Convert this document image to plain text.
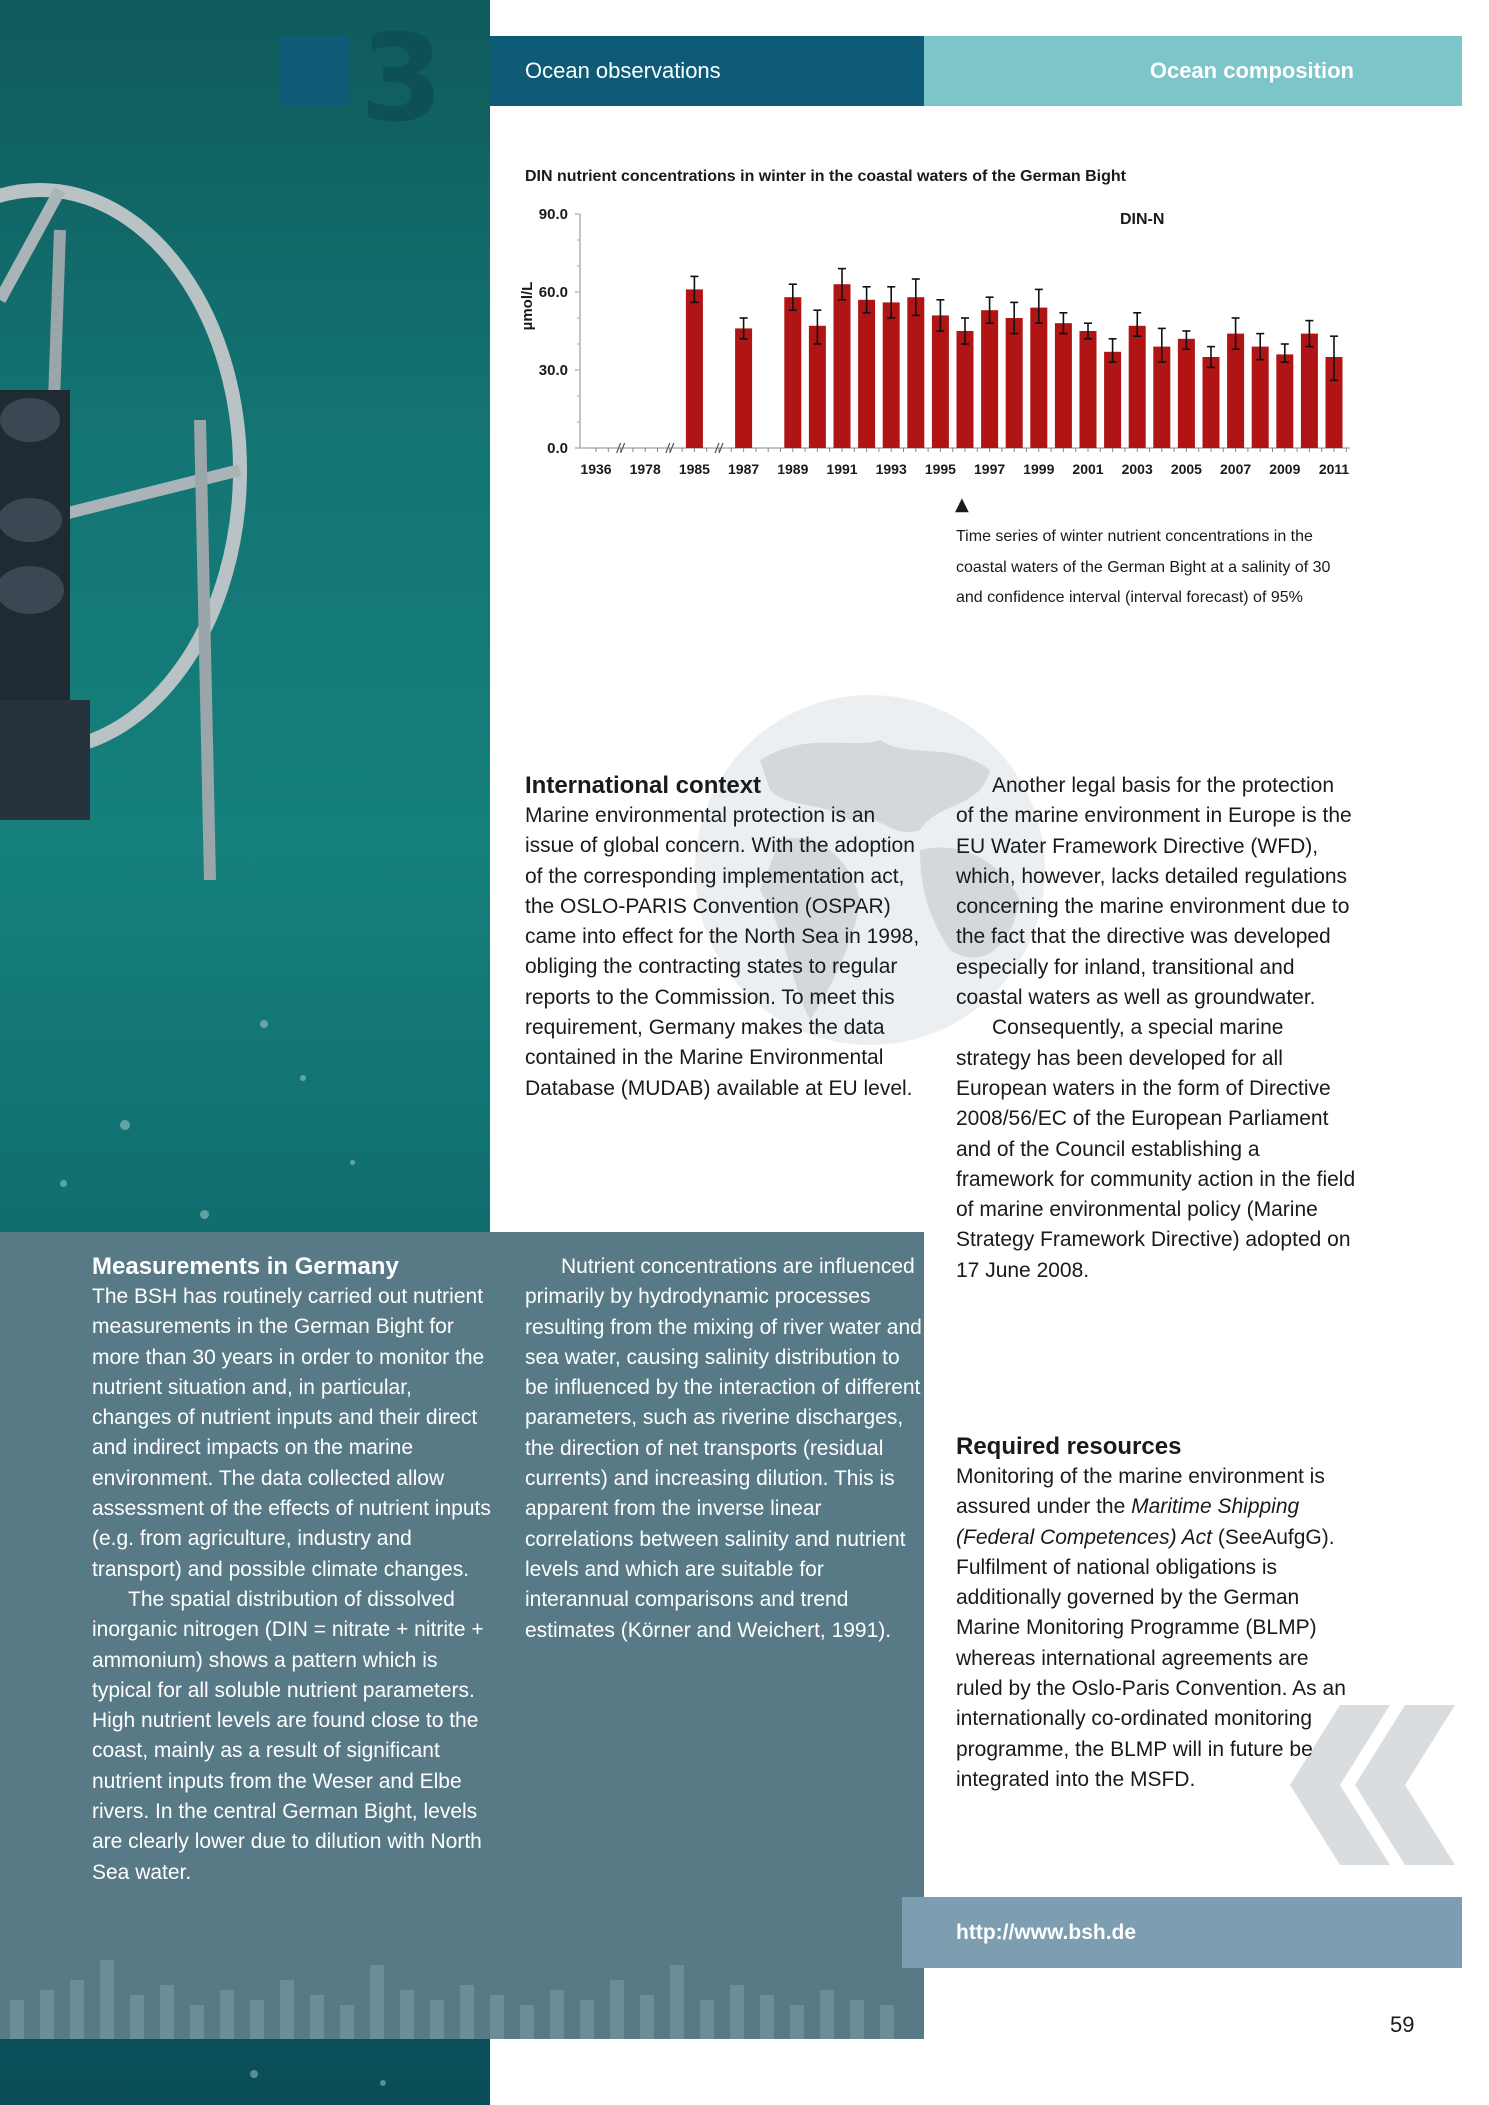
3	Ocean observations	Ocean composition
DIN nutrient concentrations in winter in the coastal waters of the German Bight
0.0
30.0
60.0
90.0
µmol/L
DIN-N
1936 1978 1985 1987 1989 1991 1993 1995 1997 1999 2001 2003 2005 2007 2009 2011
▲
Time series of winter nutrient concentrations in the coastal waters of the German Bight at a salinity of 30 and confidence interval (interval forecast) of 95%
International context

Marine environmental protection is an issue of global concern. With the adoption of the corresponding implementation act, the OSLO-PARIS Convention (OSPAR) came into effect for the North Sea in 1998, obliging the contracting states to regular reports to the Commission. To meet this requirement, Germany makes the data contained in the Marine Environmental Database (MUDAB) available at EU level.

Another legal basis for the protection of the marine environment in Europe is the EU Water Framework Directive (WFD), which, however, lacks detailed regulations concerning the marine environment due to the fact that the directive was developed especially for inland, transitional and coastal waters as well as groundwater.

Consequently, a special marine strategy has been developed for all European waters in the form of Directive 2008/56/EC of the European Parliament and of the Council establishing a framework for community action in the field of marine environmental policy (Marine Strategy Framework Directive) adopted on 17 June 2008.

Measurements in Germany

The BSH has routinely carried out nutrient measurements in the German Bight for more than 30 years in order to monitor the nutrient situation and, in particular, changes of nutrient inputs and their direct and indirect impacts on the marine environment. The data collected allow assessment of the effects of nutrient inputs (e.g. from agriculture, industry and transport) and possible climate changes.

The spatial distribution of dissolved inorganic nitrogen (DIN = nitrate + nitrite + ammonium) shows a pattern which is typical for all soluble nutrient parameters. High nutrient levels are found close to the coast, mainly as a result of significant nutrient inputs from the Weser and Elbe rivers. In the central German Bight, levels are clearly lower due to dilution with North Sea water.

Nutrient concentrations are influenced primarily by hydrodynamic processes resulting from the mixing of river water and sea water, causing salinity distribution to be influenced by the interaction of different parameters, such as riverine discharges, the direction of net transports (residual currents) and increasing dilution. This is apparent from the inverse linear correlations between salinity and nutrient levels and which are suitable for interannual comparisons and trend estimates (Körner and Weichert, 1991).

Required resources

Monitoring of the marine environment is assured under the Maritime Shipping (Federal Competences) Act (SeeAufgG). Fulfilment of national obligations is additionally governed by the German Marine Monitoring Programme (BLMP) whereas international agreements are ruled by the Oslo-Paris Convention. As an internationally co-ordinated monitoring programme, the BLMP will in future be integrated into the MSFD.

http://www.bsh.de
59
